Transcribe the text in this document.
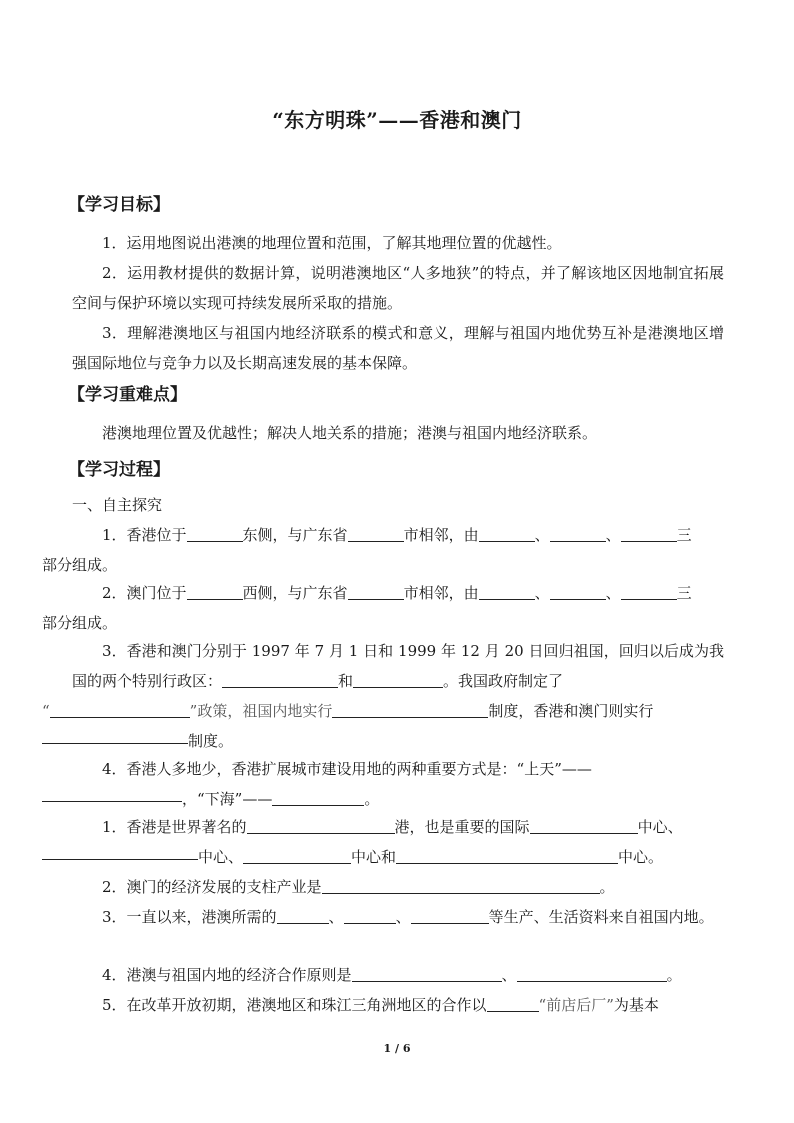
“东方明珠”——香港和澳门
【学习目标】
1．运用地图说出港澳的地理位置和范围，了解其地理位置的优越性。
2．运用教材提供的数据计算，说明港澳地区“人多地狭”的特点，并了解该地区因地制宜拓展空间与保护环境以实现可持续发展所采取的措施。
3．理解港澳地区与祖国内地经济联系的模式和意义，理解与祖国内地优势互补是港澳地区增强国际地位与竞争力以及长期高速发展的基本保障。
【学习重难点】
港澳地理位置及优越性；解决人地关系的措施；港澳与祖国内地经济联系。
【学习过程】
一、自主探究
1．香港位于	东侧，与广东省	市相邻，由	、	、	三
部分组成。
2．澳门位于	西侧，与广东省	市相邻，由	、	、	三
部分组成。
3．香港和澳门分别于 1997 年 7 月 1 日和 1999 年 12 月 20 日回归祖国，回归以后成为我国的两个特别行政区：	和	。我国政府制定了
“	”政策，祖国内地实行	制度，香港和澳门则实行
制度。
4．香港人多地少，香港扩展城市建设用地的两种重要方式是：“上天”——
，“下海”——	。
1．香港是世界著名的	港，也是重要的国际	中心、
中心、	中心和	中心。
2．澳门的经济发展的支柱产业是	。
3．一直以来，港澳所需的	、	、	等生产、生活资料来自祖国内地。
4．港澳与祖国内地的经济合作原则是	、	。
5．在改革开放初期，港澳地区和珠江三角洲地区的合作以	“前店后厂”为基本
1 / 6
